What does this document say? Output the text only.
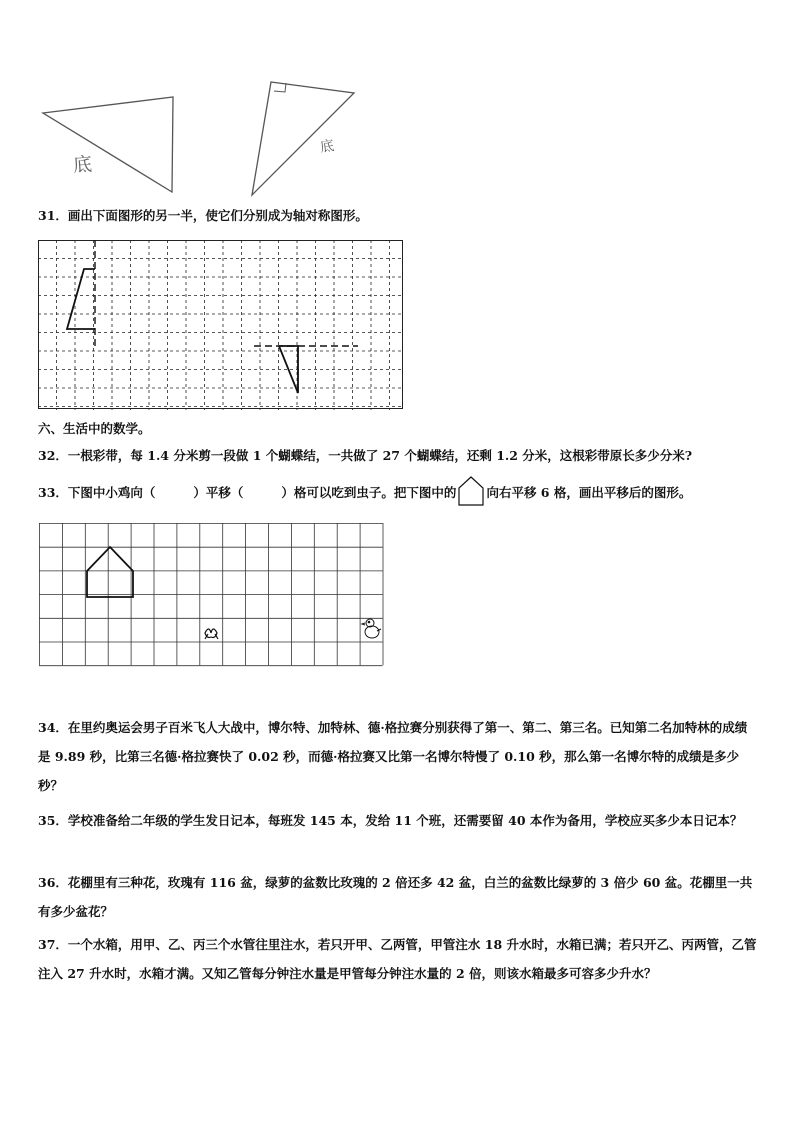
底
底
31．画出下面图形的另一半，使它们分别成为轴对称图形。
六、生活中的数学。
32．一根彩带，每 1.4 分米剪一段做 1 个蝴蝶结，一共做了 27 个蝴蝶结，还剩 1.2 分米，这根彩带原长多少分米?
33．下图中小鸡向（	）平移（	）格可以吃到虫子。把下图中的 向右平移 6 格，画出平移后的图形。
34．在里约奥运会男子百米飞人大战中，博尔特、加特林、德·格拉赛分别获得了第一、第二、第三名。已知第二名加特林的成绩是 9.89 秒，比第三名德·格拉赛快了 0.02 秒，而德·格拉赛又比第一名博尔特慢了 0.10 秒，那么第一名博尔特的成绩是多少秒？
35．学校准备给二年级的学生发日记本，每班发 145 本，发给 11 个班，还需要留 40 本作为备用，学校应买多少本日记本？
36．花棚里有三种花，玫瑰有 116 盆，绿萝的盆数比玫瑰的 2 倍还多 42 盆，白兰的盆数比绿萝的 3 倍少 60 盆。花棚里一共有多少盆花？
37．一个水箱，用甲、乙、丙三个水管往里注水，若只开甲、乙两管，甲管注水 18 升水时，水箱已满；若只开乙、丙两管，乙管注入 27 升水时，水箱才满。又知乙管每分钟注水量是甲管每分钟注水量的 2 倍，则该水箱最多可容多少升水？
